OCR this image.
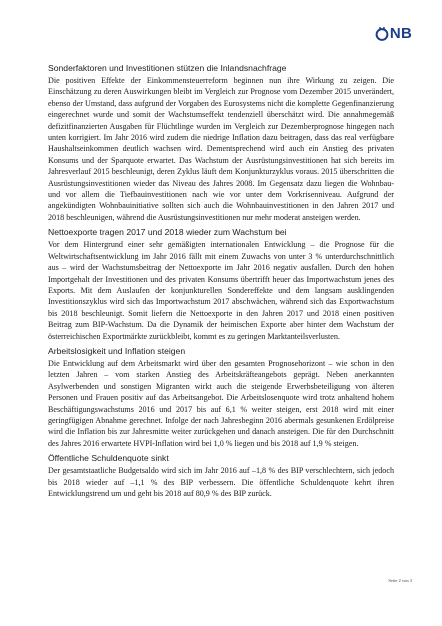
NB
Sonderfaktoren und Investitionen stützen die Inlandsnachfrage

Die positiven Effekte der Einkommensteuerreform beginnen nun ihre Wirkung zu zeigen. Die Einschätzung zu deren Auswirkungen bleibt im Vergleich zur Prognose vom Dezember 2015 unverändert, ebenso der Umstand, dass aufgrund der Vorgaben des Eurosystems nicht die komplette Gegenfinanzierung eingerechnet wurde und somit der Wachstumseffekt tendenziell überschätzt wird. Die annahmegemäß defizitfinanzierten Ausgaben für Flüchtlinge wurden im Vergleich zur Dezemberprognose hingegen nach unten korrigiert. Im Jahr 2016 wird zudem die niedrige Inflation dazu beitragen, dass das real verfügbare Haushaltseinkommen deutlich wachsen wird. Dementsprechend wird auch ein Anstieg des privaten Konsums und der Sparquote erwartet. Das Wachstum der Ausrüstungsinvestitionen hat sich bereits im Jahresverlauf 2015 beschleunigt, deren Zyklus läuft dem Konjunkturzyklus voraus. 2015 überschritten die Ausrüstungsinvestitionen wieder das Niveau des Jahres 2008. Im Gegensatz dazu liegen die Wohnbau- und vor allem die Tiefbauinvestitionen nach wie vor unter dem Vorkrisenniveau. Aufgrund der angekündigten Wohnbauinitiative sollten sich auch die Wohnbauinvestitionen in den Jahren 2017 und 2018 beschleunigen, während die Ausrüstungsinvestitionen nur mehr moderat ansteigen werden.

Nettoexporte tragen 2017 und 2018 wieder zum Wachstum bei

Vor dem Hintergrund einer sehr gemäßigten internationalen Entwicklung – die Prognose für die Weltwirtschaftsentwicklung im Jahr 2016 fällt mit einem Zuwachs von unter 3 % unterdurchschnittlich aus – wird der Wachstumsbeitrag der Nettoexporte im Jahr 2016 negativ ausfallen. Durch den hohen Importgehalt der Investitionen und des privaten Konsums übertrifft heuer das Importwachstum jenes des Exports. Mit dem Auslaufen der konjunkturellen Sondereffekte und dem langsam ausklingenden Investitionszyklus wird sich das Importwachstum 2017 abschwächen, während sich das Exportwachstum bis 2018 beschleunigt. Somit liefern die Nettoexporte in den Jahren 2017 und 2018 einen positiven Beitrag zum BIP-Wachstum. Da die Dynamik der heimischen Exporte aber hinter dem Wachstum der österreichischen Exportmärkte zurückbleibt, kommt es zu geringen Marktanteilsverlusten.

Arbeitslosigkeit und Inflation steigen

Die Entwicklung auf dem Arbeitsmarkt wird über den gesamten Prognosehorizont – wie schon in den letzten Jahren – vom starken Anstieg des Arbeitskräfteangebots geprägt. Neben anerkannten Asylwerbenden und sonstigen Migranten wirkt auch die steigende Erwerbsbeteiligung von älteren Personen und Frauen positiv auf das Arbeitsangebot. Die Arbeitslosenquote wird trotz anhaltend hohem Beschäftigungswachstums 2016 und 2017 bis auf 6,1 % weiter steigen, erst 2018 wird mit einer geringfügigen Abnahme gerechnet. Infolge der nach Jahresbeginn 2016 abermals gesunkenen Erdölpreise wird die Inflation bis zur Jahresmitte weiter zurückgehen und danach ansteigen. Die für den Durchschnitt des Jahres 2016 erwartete HVPI-Inflation wird bei 1,0 % liegen und bis 2018 auf 1,9 % steigen.

Öffentliche Schuldenquote sinkt

Der gesamtstaatliche Budgetsaldo wird sich im Jahr 2016 auf –1,8 % des BIP verschlechtern, sich jedoch bis 2018 wieder auf –1,1 % des BIP verbessern. Die öffentliche Schuldenquote kehrt ihren Entwicklungstrend um und geht bis 2018 auf 80,9 % des BIP zurück.

Seite 2 von 3
